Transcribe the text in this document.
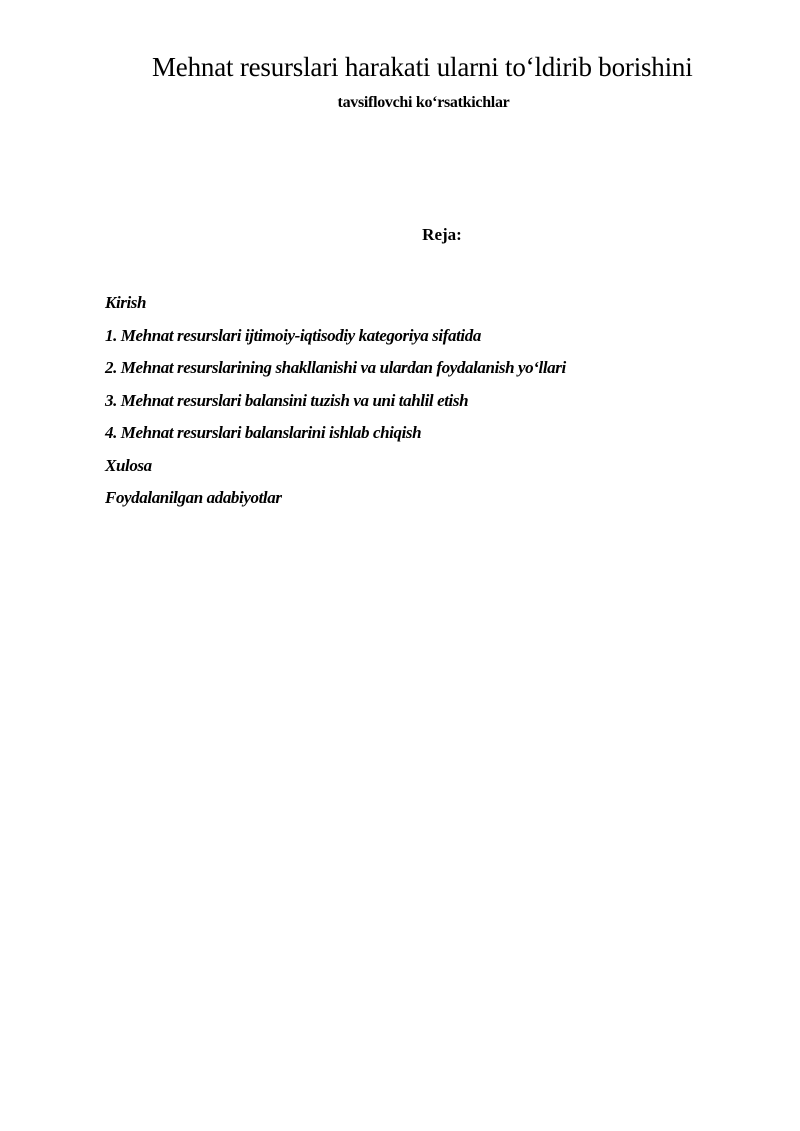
Mehnat resurslari harakati ularni to‘ldirib borishini
tavsiflovchi ko‘rsatkichlar
Reja:
Kirish
1. Mehnat resurslari ijtimoiy-iqtisodiy kategoriya sifatida
2. Mehnat resurslarining shakllanishi va ulardan foydalanish yo‘llari
3. Mehnat resurslari balansini tuzish va uni tahlil etish
4. Mehnat resurslari balanslarini ishlab chiqish
Xulosa
Foydalanilgan adabiyotlar
